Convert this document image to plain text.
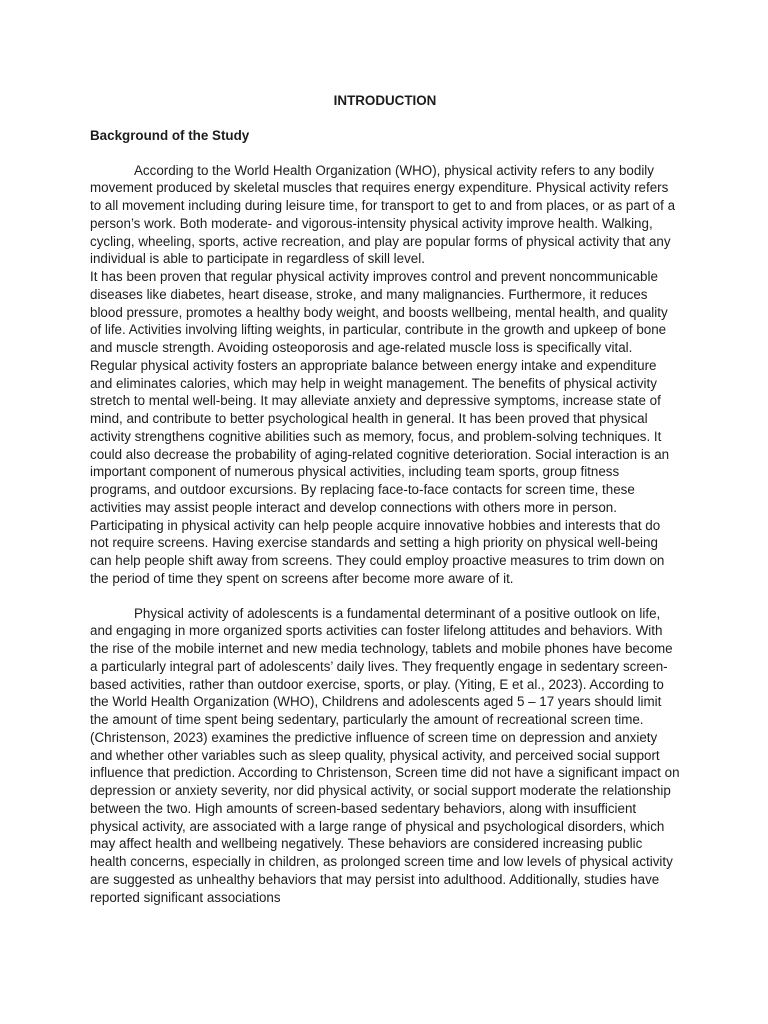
INTRODUCTION

Background of the Study

According to the World Health Organization (WHO), physical activity refers to any bodily movement produced by skeletal muscles that requires energy expenditure. Physical activity refers to all movement including during leisure time, for transport to get to and from places, or as part of a person’s work. Both moderate- and vigorous-intensity physical activity improve health. Walking, cycling, wheeling, sports, active recreation, and play are popular forms of physical activity that any individual is able to participate in regardless of skill level.

It has been proven that regular physical activity improves control and prevent noncommunicable diseases like diabetes, heart disease, stroke, and many malignancies. Furthermore, it reduces blood pressure, promotes a healthy body weight, and boosts wellbeing, mental health, and quality of life. Activities involving lifting weights, in particular, contribute in the growth and upkeep of bone and muscle strength. Avoiding osteoporosis and age-related muscle loss is specifically vital. Regular physical activity fosters an appropriate balance between energy intake and expenditure and eliminates calories, which may help in weight management. The benefits of physical activity stretch to mental well-being. It may alleviate anxiety and depressive symptoms, increase state of mind, and contribute to better psychological health in general. It has been proved that physical activity strengthens cognitive abilities such as memory, focus, and problem-solving techniques. It could also decrease the probability of aging-related cognitive deterioration. Social interaction is an important component of numerous physical activities, including team sports, group fitness programs, and outdoor excursions. By replacing face-to-face contacts for screen time, these activities may assist people interact and develop connections with others more in person. Participating in physical activity can help people acquire innovative hobbies and interests that do not require screens. Having exercise standards and setting a high priority on physical well-being can help people shift away from screens. They could employ proactive measures to trim down on the period of time they spent on screens after become more aware of it.

Physical activity of adolescents is a fundamental determinant of a positive outlook on life, and engaging in more organized sports activities can foster lifelong attitudes and behaviors. With the rise of the mobile internet and new media technology, tablets and mobile phones have become a particularly integral part of adolescents’ daily lives. They frequently engage in sedentary screen-based activities, rather than outdoor exercise, sports, or play. (Yiting, E et al., 2023). According to the World Health Organization (WHO), Childrens and adolescents aged 5 – 17 years should limit the amount of time spent being sedentary, particularly the amount of recreational screen time. (Christenson, 2023) examines the predictive influence of screen time on depression and anxiety and whether other variables such as sleep quality, physical activity, and perceived social support influence that prediction. According to Christenson, Screen time did not have a significant impact on depression or anxiety severity, nor did physical activity, or social support moderate the relationship between the two. High amounts of screen-based sedentary behaviors, along with insufficient physical activity, are associated with a large range of physical and psychological disorders, which may affect health and wellbeing negatively. These behaviors are considered increasing public health concerns, especially in children, as prolonged screen time and low levels of physical activity are suggested as unhealthy behaviors that may persist into adulthood. Additionally, studies have reported significant associations
